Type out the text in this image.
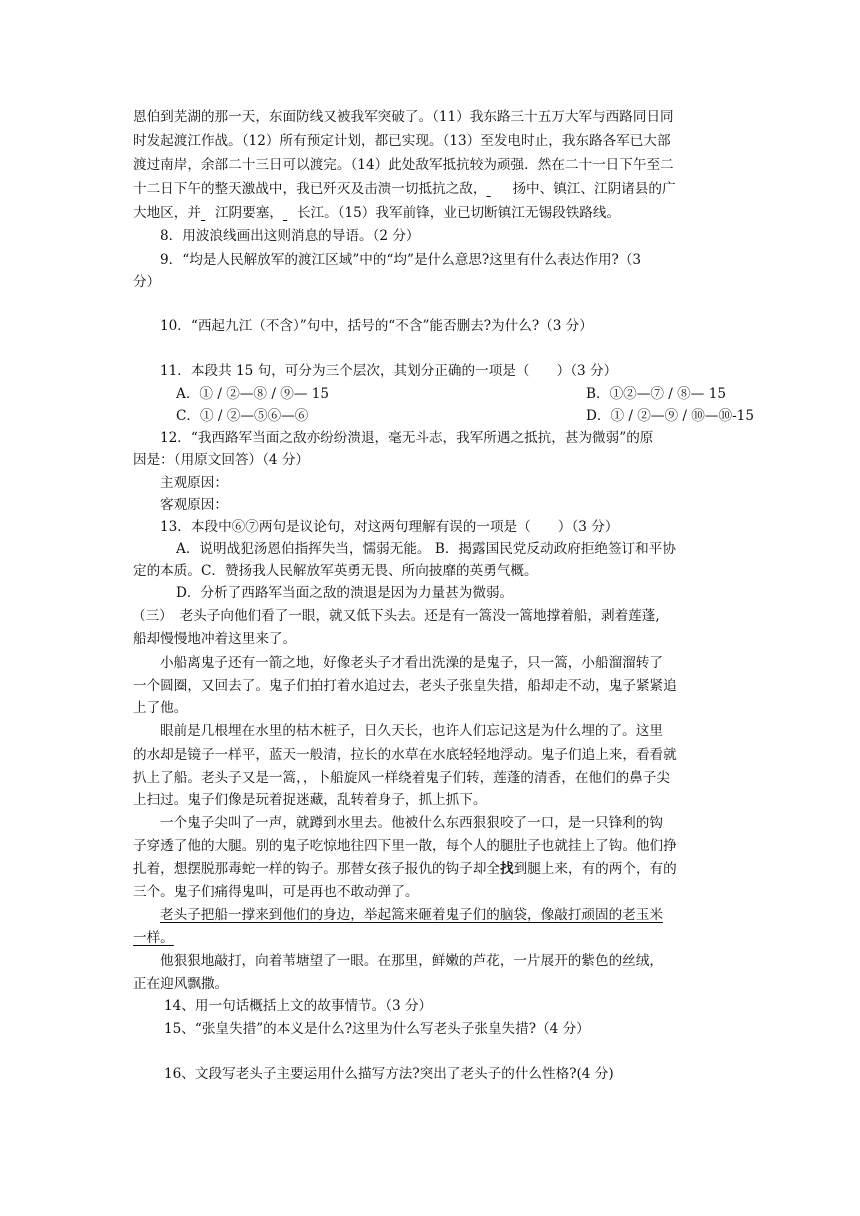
恩伯到芜湖的那一天，东面防线又被我军突破了。（11）我东路三十五万大军与西路同日同
时发起渡江作战。（12）所有预定计划，都已实现。（13）至发电时止，我东路各军已大部
渡过南岸，余部二十三日可以渡完。（14）此处敌军抵抗较为顽强．然在二十一日下午至二
十二日下午的整天激战中，我已歼灭及击溃一切抵抗之敌， 扬中、镇江、江阴诸县的广
大地区，并 江阴要塞， 长江。（15）我军前锋，业已切断镇江无锡段铁路线。
8．用波浪线画出这则消息的导语。（2 分）
9．“均是人民解放军的渡江区域”中的“均”是什么意思?这里有什么表达作用?（3
分）
10．“西起九江（不含）”句中，括号的“不含”能否删去?为什么?（3 分）
11．本段共 15 句，可分为三个层次，其划分正确的一项是（　　）（3 分）
A．① / ②—⑧ / ⑨— 15	B．①②—⑦ / ⑧— 15
C．① / ②—⑤⑥—⑥	D．① / ②—⑨ / ⑩—⑩-15
12．“我西路军当面之敌亦纷纷溃退，毫无斗志，我军所遇之抵抗，甚为微弱”的原
因是：（用原文回答）（4 分）
主观原因：
客观原因：
13．本段中⑥⑦两句是议论句，对这两句理解有误的一项是（　　）（3 分）
A．说明战犯汤恩伯指挥失当，懦弱无能。 B．揭露国民党反动政府拒绝签订和平协
定的本质。C．赞扬我人民解放军英勇无畏、所向披靡的英勇气概。
D．分析了西路军当面之敌的溃退是因为力量甚为微弱。
（三）　老头子向他们看了一眼，就又低下头去。还是有一篙没一篙地撑着船，剥着莲蓬,
船却慢慢地冲着这里来了。
小船离鬼子还有一箭之地，好像老头子才看出洗澡的是鬼子，只一篙，小船溜溜转了
一个圆圈，又回去了。鬼子们拍打着水追过去，老头子张皇失措，船却走不动，鬼子紧紧追
上了他。
眼前是几根埋在水里的枯木桩子，日久天长，也许人们忘记这是为什么埋的了。这里
的水却是镜子一样平，蓝天一般清，拉长的水草在水底轻轻地浮动。鬼子们追上来，看看就
扒上了船。老头子又是一篙，，卜船旋风一样绕着鬼子们转，莲蓬的清香，在他们的鼻子尖
上扫过。鬼子们像是玩着捉迷藏，乱转着身子，抓上抓下。
一个鬼子尖叫了一声，就蹲到水里去。他被什么东西狠狠咬了一口，是一只锋利的钩
子穿透了他的大腿。别的鬼子吃惊地往四下里一散，每个人的腿肚子也就挂上了钩。他们挣
扎着，想摆脱那毒蛇一样的钩子。那替女孩子报仇的钩子却全找到腿上来，有的两个，有的
三个。鬼子们痛得鬼叫，可是再也不敢动弹了。
老头子把船一撑来到他们的身边，举起篙来砸着鬼子们的脑袋，像敲打顽固的老玉米
一样。
他狠狠地敲打，向着苇塘望了一眼。在那里，鲜嫩的芦花，一片展开的紫色的丝绒，
正在迎风飘撒。
14、用一句话概括上文的故事情节。（3 分）
15、“张皇失措”的本义是什么?这里为什么写老头子张皇失措?（4 分）
16、文段写老头子主要运用什么描写方法?突出了老头子的什么性格?(4 分)
